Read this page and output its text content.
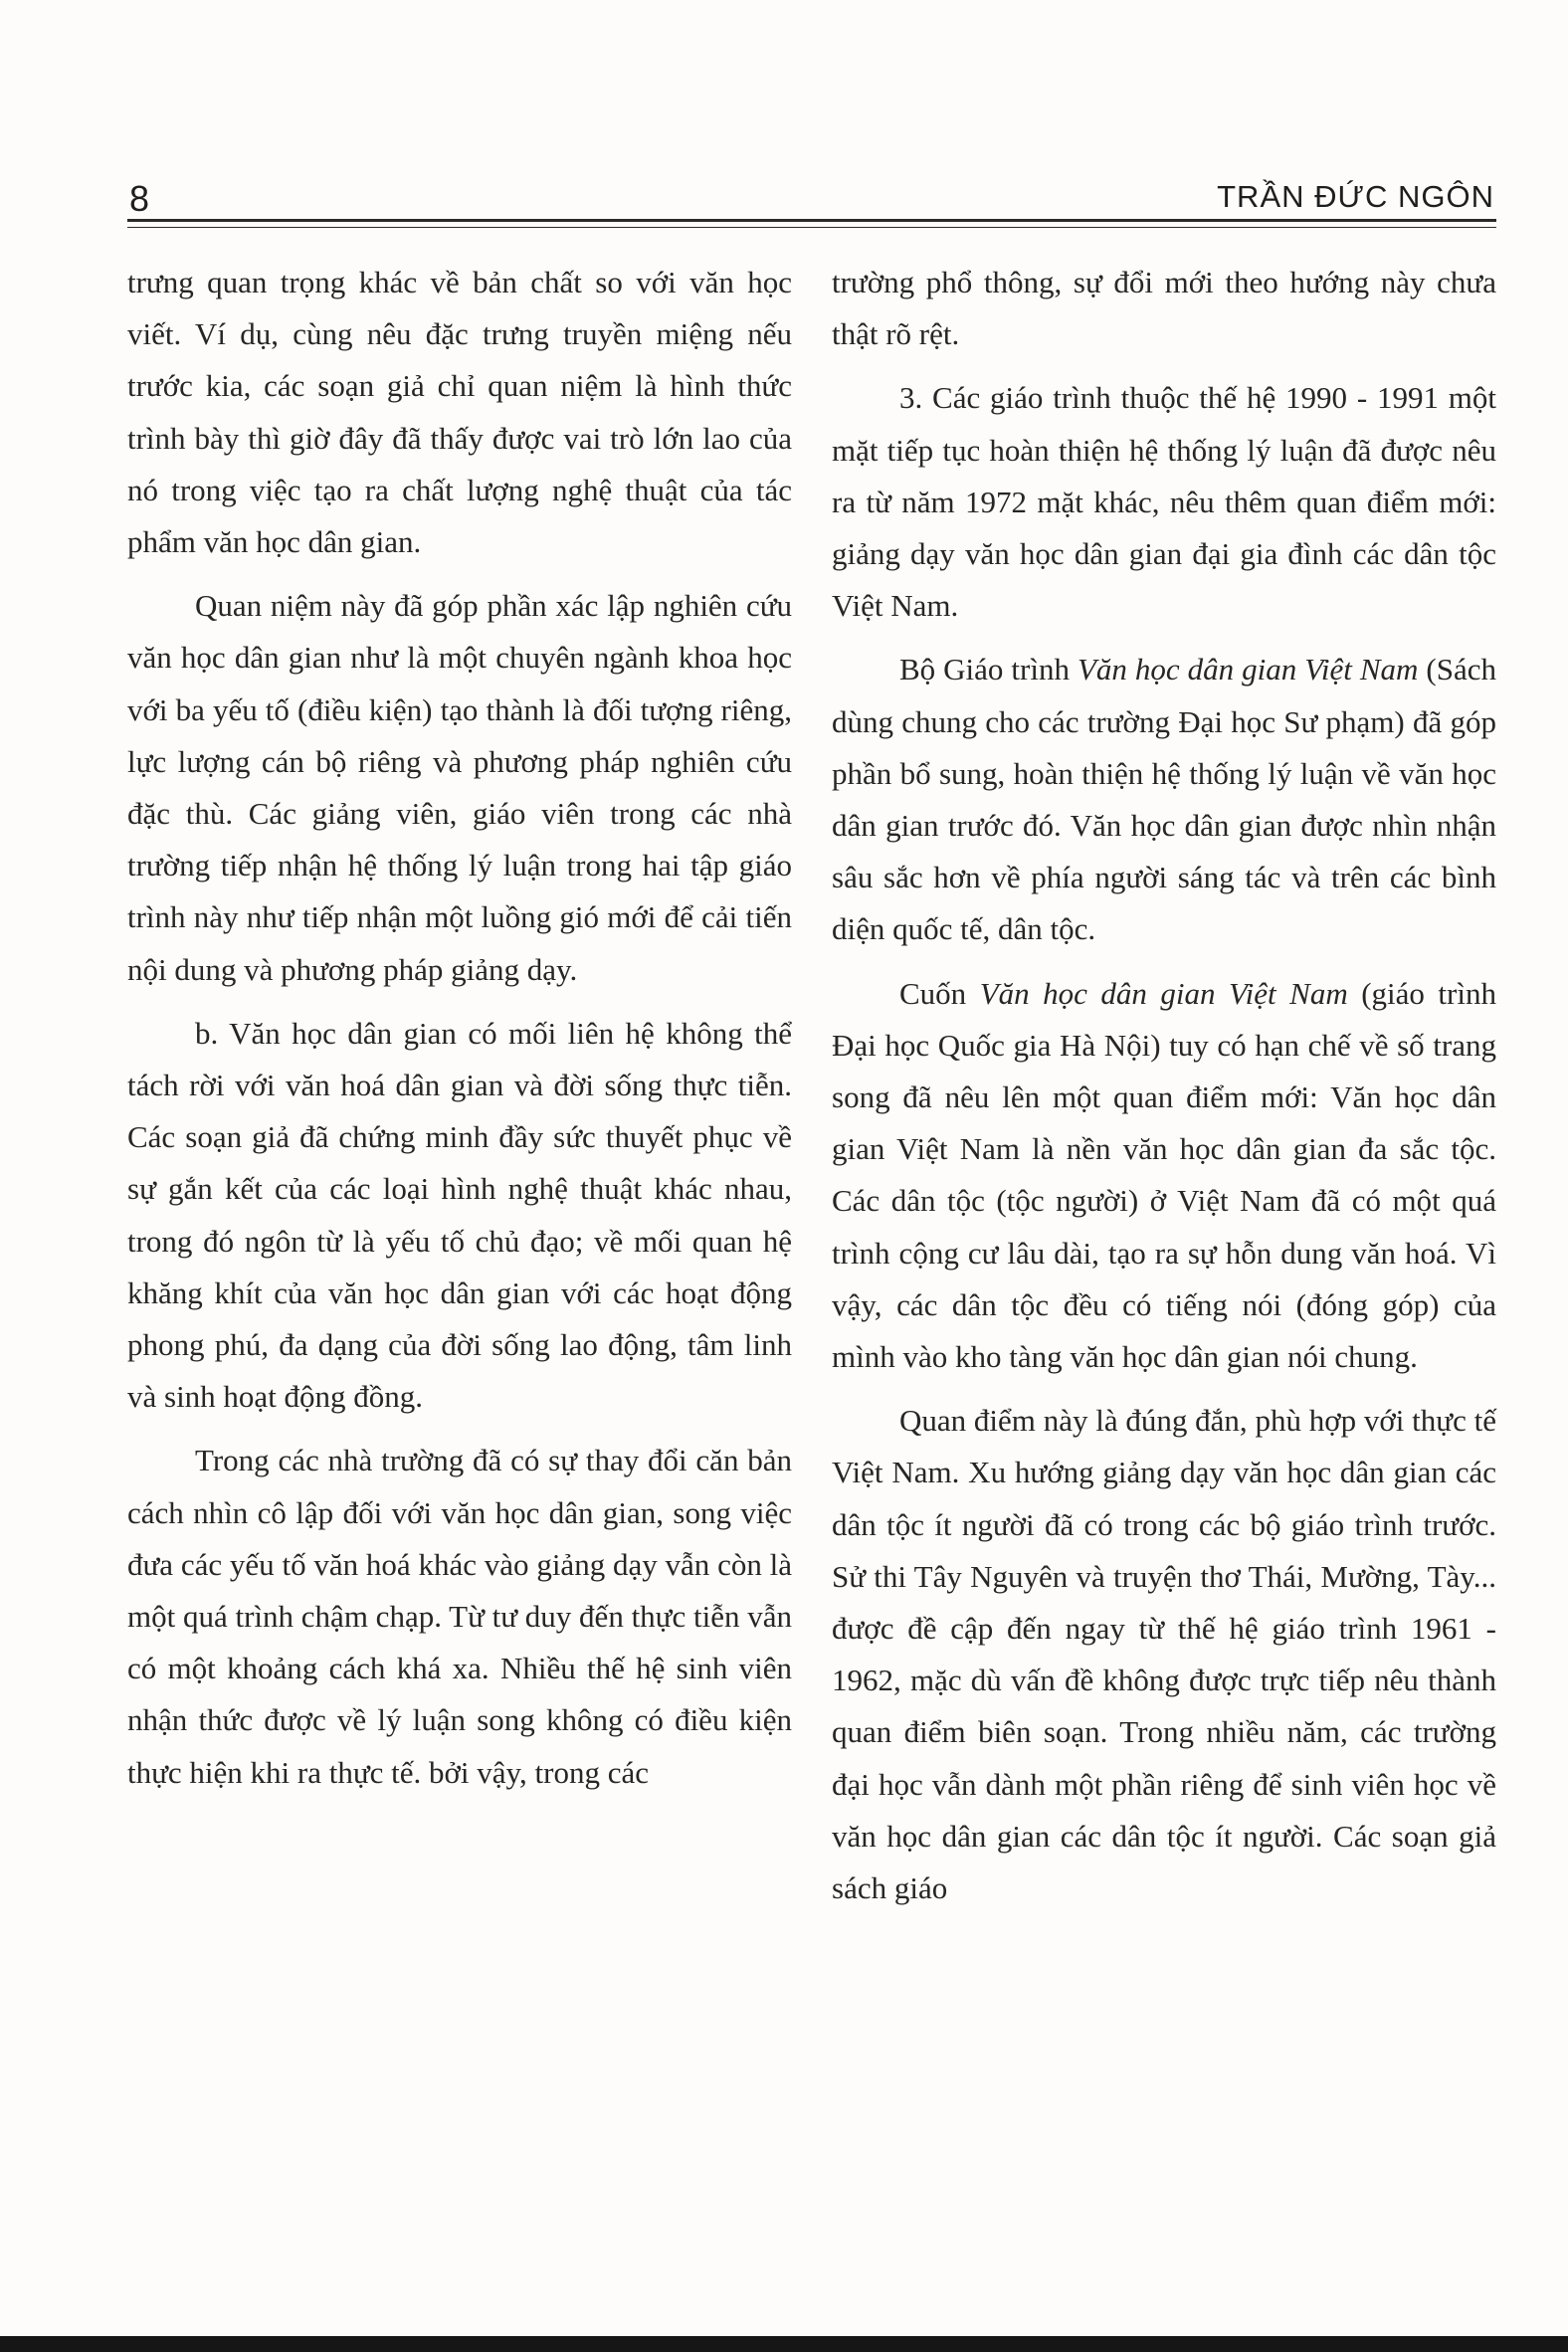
8	TRẦN ĐỨC NGÔN

trưng quan trọng khác về bản chất so với văn học viết. Ví dụ, cùng nêu đặc trưng truyền miệng nếu trước kia, các soạn giả chỉ quan niệm là hình thức trình bày thì giờ đây đã thấy được vai trò lớn lao của nó trong việc tạo ra chất lượng nghệ thuật của tác phẩm văn học dân gian.

Quan niệm này đã góp phần xác lập nghiên cứu văn học dân gian như là một chuyên ngành khoa học với ba yếu tố (điều kiện) tạo thành là đối tượng riêng, lực lượng cán bộ riêng và phương pháp nghiên cứu đặc thù. Các giảng viên, giáo viên trong các nhà trường tiếp nhận hệ thống lý luận trong hai tập giáo trình này như tiếp nhận một luồng gió mới để cải tiến nội dung và phương pháp giảng dạy.

b. Văn học dân gian có mối liên hệ không thể tách rời với văn hoá dân gian và đời sống thực tiễn. Các soạn giả đã chứng minh đầy sức thuyết phục về sự gắn kết của các loại hình nghệ thuật khác nhau, trong đó ngôn từ là yếu tố chủ đạo; về mối quan hệ khăng khít của văn học dân gian với các hoạt động phong phú, đa dạng của đời sống lao động, tâm linh và sinh hoạt động đồng.

Trong các nhà trường đã có sự thay đổi căn bản cách nhìn cô lập đối với văn học dân gian, song việc đưa các yếu tố văn hoá khác vào giảng dạy vẫn còn là một quá trình chậm chạp. Từ tư duy đến thực tiễn vẫn có một khoảng cách khá xa. Nhiều thế hệ sinh viên nhận thức được về lý luận song không có điều kiện thực hiện khi ra thực tế. bởi vậy, trong các

trường phổ thông, sự đổi mới theo hướng này chưa thật rõ rệt.

3. Các giáo trình thuộc thế hệ 1990 - 1991 một mặt tiếp tục hoàn thiện hệ thống lý luận đã được nêu ra từ năm 1972 mặt khác, nêu thêm quan điểm mới: giảng dạy văn học dân gian đại gia đình các dân tộc Việt Nam.

Bộ Giáo trình Văn học dân gian Việt Nam (Sách dùng chung cho các trường Đại học Sư phạm) đã góp phần bổ sung, hoàn thiện hệ thống lý luận về văn học dân gian trước đó. Văn học dân gian được nhìn nhận sâu sắc hơn về phía người sáng tác và trên các bình diện quốc tế, dân tộc.

Cuốn Văn học dân gian Việt Nam (giáo trình Đại học Quốc gia Hà Nội) tuy có hạn chế về số trang song đã nêu lên một quan điểm mới: Văn học dân gian Việt Nam là nền văn học dân gian đa sắc tộc. Các dân tộc (tộc người) ở Việt Nam đã có một quá trình cộng cư lâu dài, tạo ra sự hỗn dung văn hoá. Vì vậy, các dân tộc đều có tiếng nói (đóng góp) của mình vào kho tàng văn học dân gian nói chung.

Quan điểm này là đúng đắn, phù hợp với thực tế Việt Nam. Xu hướng giảng dạy văn học dân gian các dân tộc ít người đã có trong các bộ giáo trình trước. Sử thi Tây Nguyên và truyện thơ Thái, Mường, Tày... được đề cập đến ngay từ thế hệ giáo trình 1961 - 1962, mặc dù vấn đề không được trực tiếp nêu thành quan điểm biên soạn. Trong nhiều năm, các trường đại học vẫn dành một phần riêng để sinh viên học về văn học dân gian các dân tộc ít người. Các soạn giả sách giáo
